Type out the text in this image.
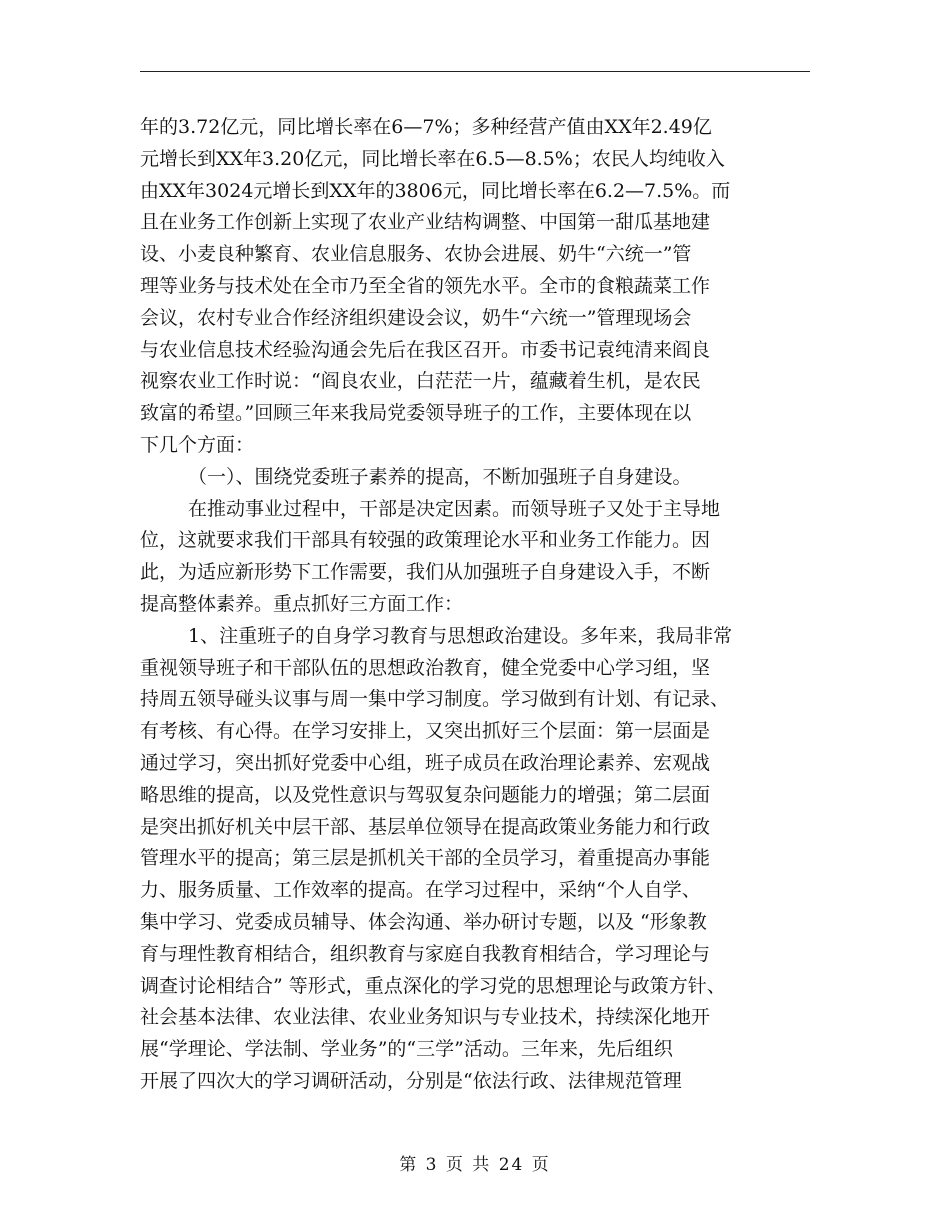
年的3.72亿元，同比增长率在6—7%；多种经营产值由XX年2.49亿
元增长到XX年3.20亿元，同比增长率在6.5—8.5%；农民人均纯收入
由XX年3024元增长到XX年的3806元，同比增长率在6.2—7.5%。而
且在业务工作创新上实现了农业产业结构调整、中国第一甜瓜基地建
设、小麦良种繁育、农业信息服务、农协会进展、奶牛“六统一”管
理等业务与技术处在全市乃至全省的领先水平。全市的食粮蔬菜工作
会议，农村专业合作经济组织建设会议，奶牛“六统一”管理现场会
与农业信息技术经验沟通会先后在我区召开。市委书记袁纯清来阎良
视察农业工作时说：“阎良农业，白茫茫一片，蕴藏着生机，是农民
致富的希望。”回顾三年来我局党委领导班子的工作，主要体现在以
下几个方面：
（一）、围绕党委班子素养的提高，不断加强班子自身建设。
在推动事业过程中，干部是决定因素。而领导班子又处于主导地
位，这就要求我们干部具有较强的政策理论水平和业务工作能力。因
此，为适应新形势下工作需要，我们从加强班子自身建设入手，不断
提高整体素养。重点抓好三方面工作：
1、注重班子的自身学习教育与思想政治建设。多年来，我局非常
重视领导班子和干部队伍的思想政治教育，健全党委中心学习组，坚
持周五领导碰头议事与周一集中学习制度。学习做到有计划、有记录、
有考核、有心得。在学习安排上，又突出抓好三个层面：第一层面是
通过学习，突出抓好党委中心组，班子成员在政治理论素养、宏观战
略思维的提高，以及党性意识与驾驭复杂问题能力的增强；第二层面
是突出抓好机关中层干部、基层单位领导在提高政策业务能力和行政
管理水平的提高；第三层是抓机关干部的全员学习，着重提高办事能
力、服务质量、工作效率的提高。在学习过程中，采纳“个人自学、
集中学习、党委成员辅导、体会沟通、举办研讨专题，以及 “形象教
育与理性教育相结合，组织教育与家庭自我教育相结合，学习理论与
调查讨论相结合” 等形式，重点深化的学习党的思想理论与政策方针、
社会基本法律、农业法律、农业业务知识与专业技术，持续深化地开
展“学理论、学法制、学业务”的“三学”活动。三年来，先后组织
开展了四次大的学习调研活动，分别是“依法行政、法律规范管理
第 3 页 共 24 页
